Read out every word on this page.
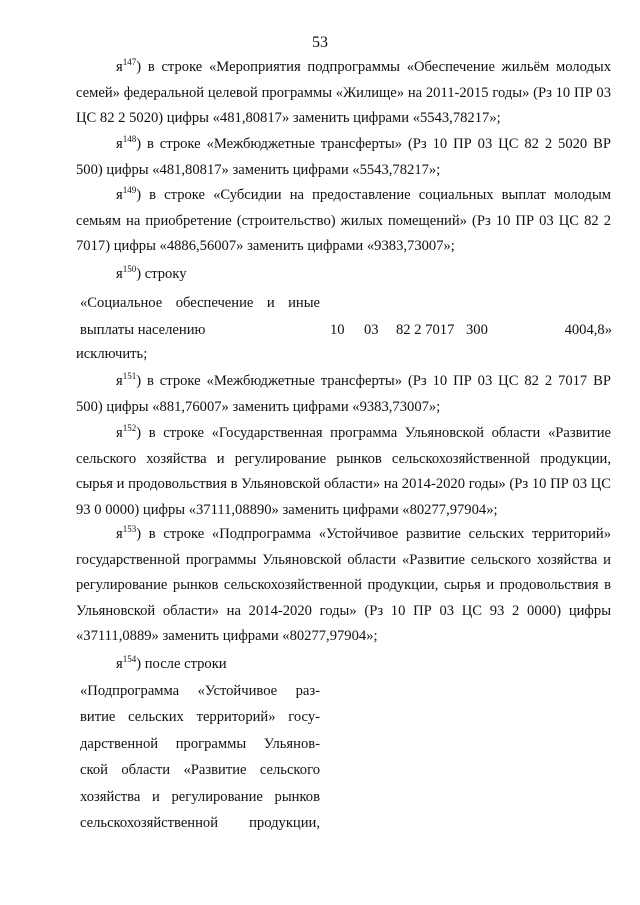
53

$я^{147}$) в строке «Мероприятия подпрограммы «Обеспечение жильём молодых семей» федеральной целевой программы «Жилище» на 2011-2015 годы» (Рз 10 ПР 03 ЦС 82 2 5020) цифры «481,80817» заменить цифрами «5543,78217»;

$я^{148}$) в строке «Межбюджетные трансферты» (Рз 10 ПР 03 ЦС 82 2 5020 ВР 500) цифры «481,80817» заменить цифрами «5543,78217»;

$я^{149}$) в строке «Субсидии на предоставление социальных выплат молодым семьям на приобретение (строительство) жилых помещений» (Рз 10 ПР 03 ЦС 82 2 7017) цифры «4886,56007» заменить цифрами «9383,73007»;

$я^{150}$) строку

«Социальное обеспечение и иные
выплаты населению	10 03 82 2 7017 300	4004,8»
исключить;

$я^{151}$) в строке «Межбюджетные трансферты» (Рз 10 ПР 03 ЦС 82 2 7017 ВР 500) цифры «881,76007» заменить цифрами «9383,73007»;

$я^{152}$) в строке «Государственная программа Ульяновской области «Развитие сельского хозяйства и регулирование рынков сельскохозяйственной продукции, сырья и продовольствия в Ульяновской области» на 2014-2020 годы» (Рз 10 ПР 03 ЦС 93 0 0000) цифры «37111,08890» заменить цифрами «80277,97904»;

$я^{153}$) в строке «Подпрограмма «Устойчивое развитие сельских территорий» государственной программы Ульяновской области «Развитие сельского хозяйства и регулирование рынков сельскохозяйственной продукции, сырья и продовольствия в Ульяновской области» на 2014-2020 годы» (Рз 10 ПР 03 ЦС 93 2 0000) цифры «37111,0889» заменить цифрами «80277,97904»;

$я^{154}$) после строки

«Подпрограмма «Устойчивое раз-
витие сельских территорий» госу-
дарственной программы Ульянов-
ской области «Развитие сельского
хозяйства и регулирование рынков
сельскохозяйственной продукции,
